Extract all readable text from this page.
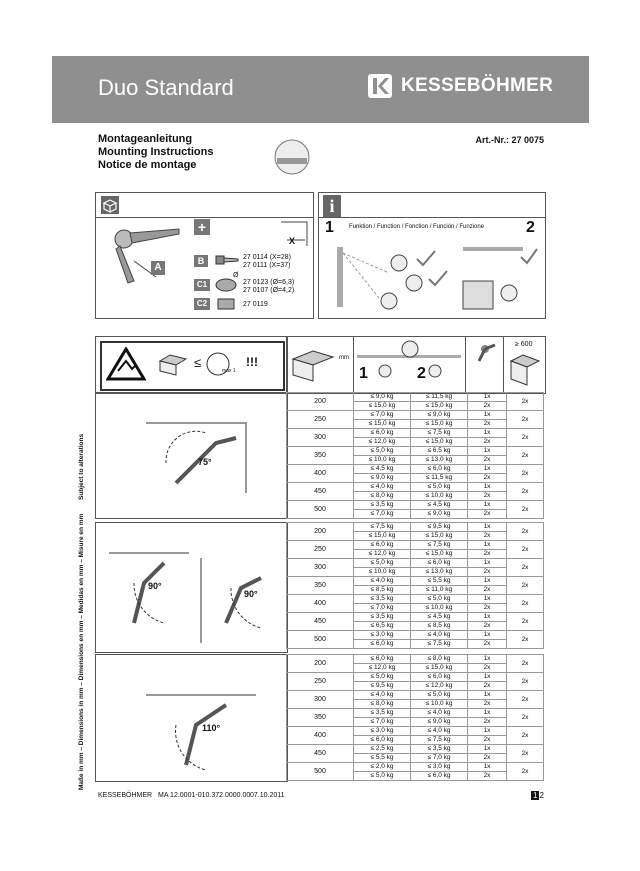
Duo Standard	KESSEBÖHMER
Montageanleitung
Mounting Instructions
Notice de montage
Art.-Nr.: 27 0075
A
+
X
B	27 0114 (X=28)
27 0111 (X=37)
Ø
C1	27 0123 (Ø=6,3)
27 0107 (Ø=4,2)
C2	27 0119
i
1	Funktion / Function / Fonction / Función / Funzione	2
≤
max 1
!!!	mm
1	2
≥ 600
Subject to alterations
Maße in mm – Dimensions in mm – Dimensions en mm – Medidas en mm – Misure en mm
75°
200	≤ 9,0 kg	≤ 11,5 kg	1x	2x
	≤ 15,0 kg	≤ 15,0 kg	2x	
250	≤ 7,0 kg	≤ 9,0 kg	1x	2x
	≤ 15,0 kg	≤ 15,0 kg	2x	
300	≤ 6,0 kg	≤ 7,5 kg	1x	2x
	≤ 12,0 kg	≤ 15,0 kg	2x	
350	≤ 5,0 kg	≤ 6,5 kg	1x	2x
	≤ 10,0 kg	≤ 13,0 kg	2x	
400	≤ 4,5 kg	≤ 6,0 kg	1x	2x
	≤ 9,0 kg	≤ 11,5 kg	2x	
450	≤ 4,0 kg	≤ 5,0 kg	1x	2x
	≤ 8,0 kg	≤ 10,0 kg	2x	
500	≤ 3,5 kg	≤ 4,5 kg	1x	2x
	≤ 7,0 kg	≤ 9,0 kg	2x	
90°
90°
200	≤ 7,5 kg	≤ 9,5 kg	1x	2x
	≤ 15,0 kg	≤ 15,0 kg	2x	
250	≤ 6,0 kg	≤ 7,5 kg	1x	2x
	≤ 12,0 kg	≤ 15,0 kg	2x	
300	≤ 5,0 kg	≤ 6,0 kg	1x	2x
	≤ 10,0 kg	≤ 13,0 kg	2x	
350	≤ 4,0 kg	≤ 5,5 kg	1x	2x
	≤ 8,5 kg	≤ 11,0 kg	2x	
400	≤ 3,5 kg	≤ 5,0 kg	1x	2x
	≤ 7,0 kg	≤ 10,0 kg	2x	
450	≤ 3,5 kg	≤ 4,5 kg	1x	2x
	≤ 6,5 kg	≤ 8,5 kg	2x	
500	≤ 3,0 kg	≤ 4,0 kg	1x	2x
	≤ 6,0 kg	≤ 7,5 kg	2x	
110°
200	≤ 6,0 kg	≤ 8,0 kg	1x	2x
	≤ 12,0 kg	≤ 15,0 kg	2x	
250	≤ 5,0 kg	≤ 6,0 kg	1x	2x
	≤ 9,5 kg	≤ 12,0 kg	2x	
300	≤ 4,0 kg	≤ 5,0 kg	1x	2x
	≤ 8,0 kg	≤ 10,0 kg	2x	
350	≤ 3,5 kg	≤ 4,0 kg	1x	2x
	≤ 7,0 kg	≤ 9,0 kg	2x	
400	≤ 3,0 kg	≤ 4,0 kg	1x	2x
	≤ 6,0 kg	≤ 7,5 kg	2x	
450	≤ 2,5 kg	≤ 3,5 kg	1x	2x
	≤ 5,5 kg	≤ 7,0 kg	2x	
500	≤ 2,0 kg	≤ 3,0 kg	1x	2x
	≤ 5,0 kg	≤ 6,0 kg	2x	
KESSEBÖHMER MA 12.0001-010.372.0000.00 07.10.2011	1 2
